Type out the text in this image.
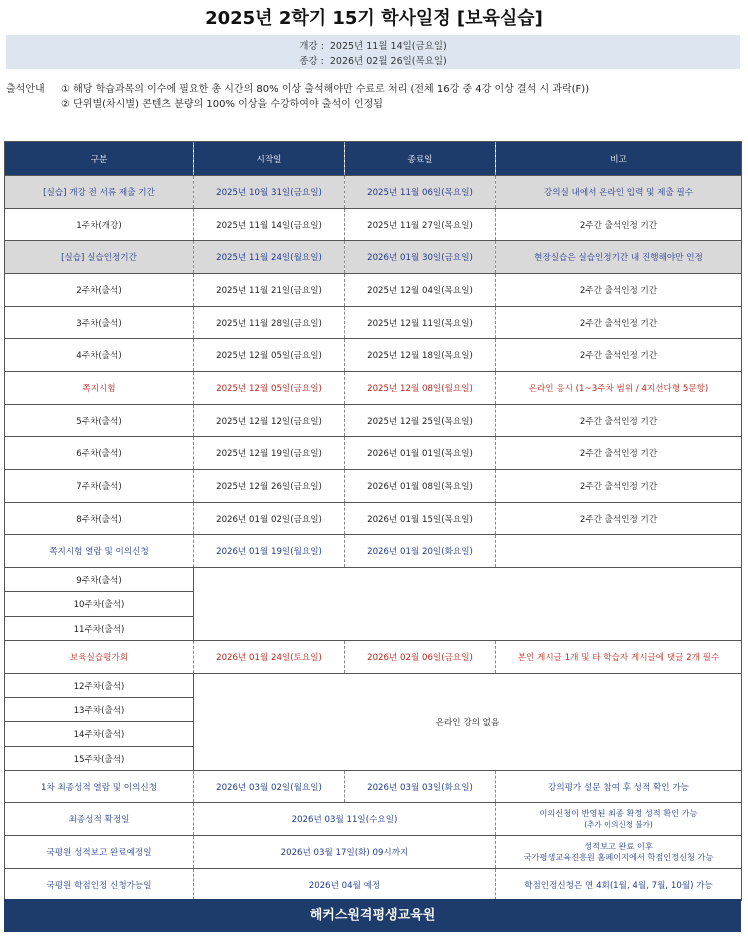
2025년 2학기 15기 학사일정 [보육실습]
개강 : 2025년 11월 14일(금요일)
종강 : 2026년 02월 26일(목요일)
출석안내 ① 해당 학습과목의 이수에 필요한 총 시간의 80% 이상 출석해야만 수료로 처리 (전체 16강 중 4강 이상 결석 시 과락(F))
② 단위별(차시별) 콘텐츠 분량의 100% 이상을 수강하여야 출석이 인정됨
구분	시작일	종료일	비고
[실습] 개강 전 서류 제출 기간	2025년 10월 31일(금요일)	2025년 11월 06일(목요일)	강의실 내에서 온라인 입력 및 제출 필수
1주차(개강)	2025년 11월 14일(금요일)	2025년 11월 27일(목요일)	2주간 출석인정 기간
[실습] 실습인정기간	2025년 11월 24일(월요일)	2026년 01월 30일(금요일)	현장실습은 실습인정기간 내 진행해야만 인정
2주차(출석)	2025년 11월 21일(금요일)	2025년 12월 04일(목요일)	2주간 출석인정 기간
3주차(출석)	2025년 11월 28일(금요일)	2025년 12월 11일(목요일)	2주간 출석인정 기간
4주차(출석)	2025년 12월 05일(금요일)	2025년 12월 18일(목요일)	2주간 출석인정 기간
쪽지시험	2025년 12월 05일(금요일)	2025년 12월 08일(월요일)	온라인 응시 (1~3주차 범위 / 4지선다형 5문항)
5주차(출석)	2025년 12월 12일(금요일)	2025년 12월 25일(목요일)	2주간 출석인정 기간
6주차(출석)	2025년 12월 19일(금요일)	2026년 01월 01일(목요일)	2주간 출석인정 기간
7주차(출석)	2025년 12월 26일(금요일)	2026년 01월 08일(목요일)	2주간 출석인정 기간
8주차(출석)	2026년 01월 02일(금요일)	2026년 01월 15일(목요일)	2주간 출석인정 기간
쪽지시험 열람 및 이의신청	2026년 01월 19일(월요일)	2026년 01월 20일(화요일)	
9주차(출석)			
10주차(출석)			
11주차(출석)			
보육실습평가회	2026년 01월 24일(토요일)	2026년 02월 06일(금요일)	본인 게시글 1개 및 타 학습자 게시글에 댓글 2개 필수
12주차(출석)	온라인 강의 없음		
13주차(출석)			
14주차(출석)			
15주차(출석)			
1차 최종성적 열람 및 이의신청	2026년 03월 02일(월요일)	2026년 03월 03일(화요일)	강의평가 설문 참여 후 성적 확인 가능
최종성적 확정일	2026년 03월 11일(수요일)		이의신청이 반영된 최종 확정 성적 확인 가능
(추가 이의신청 불가)

국평원 성적보고 완료예정일	2026년 03월 17일(화) 09시까지		성적보고 완료 이후
국가평생교육진흥원 홈페이지에서 학점인정신청 가능

국평원 학점인정 신청가능일	2026년 04월 예정		학점인정신청은 연 4회(1월, 4월, 7월, 10월) 가능
해커스원격평생교육원
